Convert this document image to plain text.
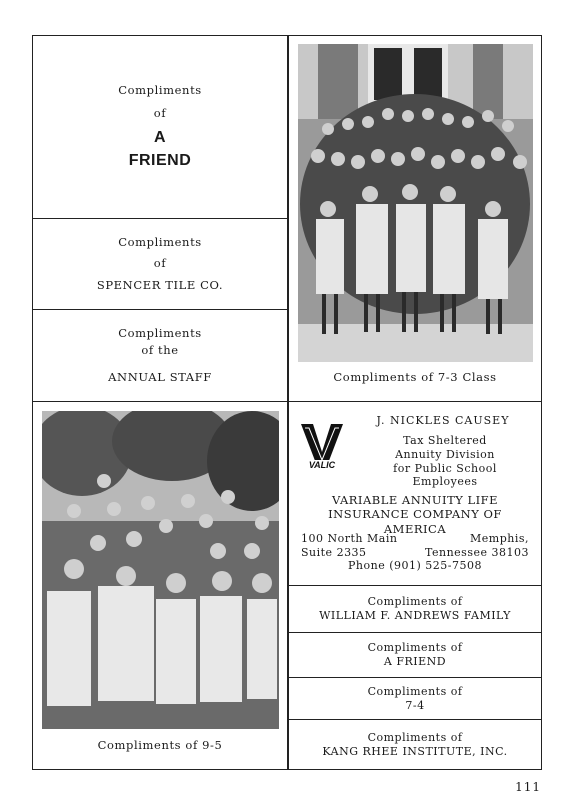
Compliments
of
A
FRIEND
Compliments
of
SPENCER TILE CO.
Compliments
of the
ANNUAL STAFF	Compliments of 7-3 Class
Compliments of 9-5
VALIC
J. NICKLES CAUSEY
Tax Sheltered
Annuity Division
for Public School
Employees
VARIABLE ANNUITY LIFE
INSURANCE COMPANY OF
AMERICA
100 North Main	Memphis,
Suite 2335	Tennessee 38103
Phone (901) 525-7508
Compliments of
WILLIAM F. ANDREWS FAMILY
Compliments of
A FRIEND
Compliments of
7-4
Compliments of
KANG RHEE INSTITUTE, INC.
111
